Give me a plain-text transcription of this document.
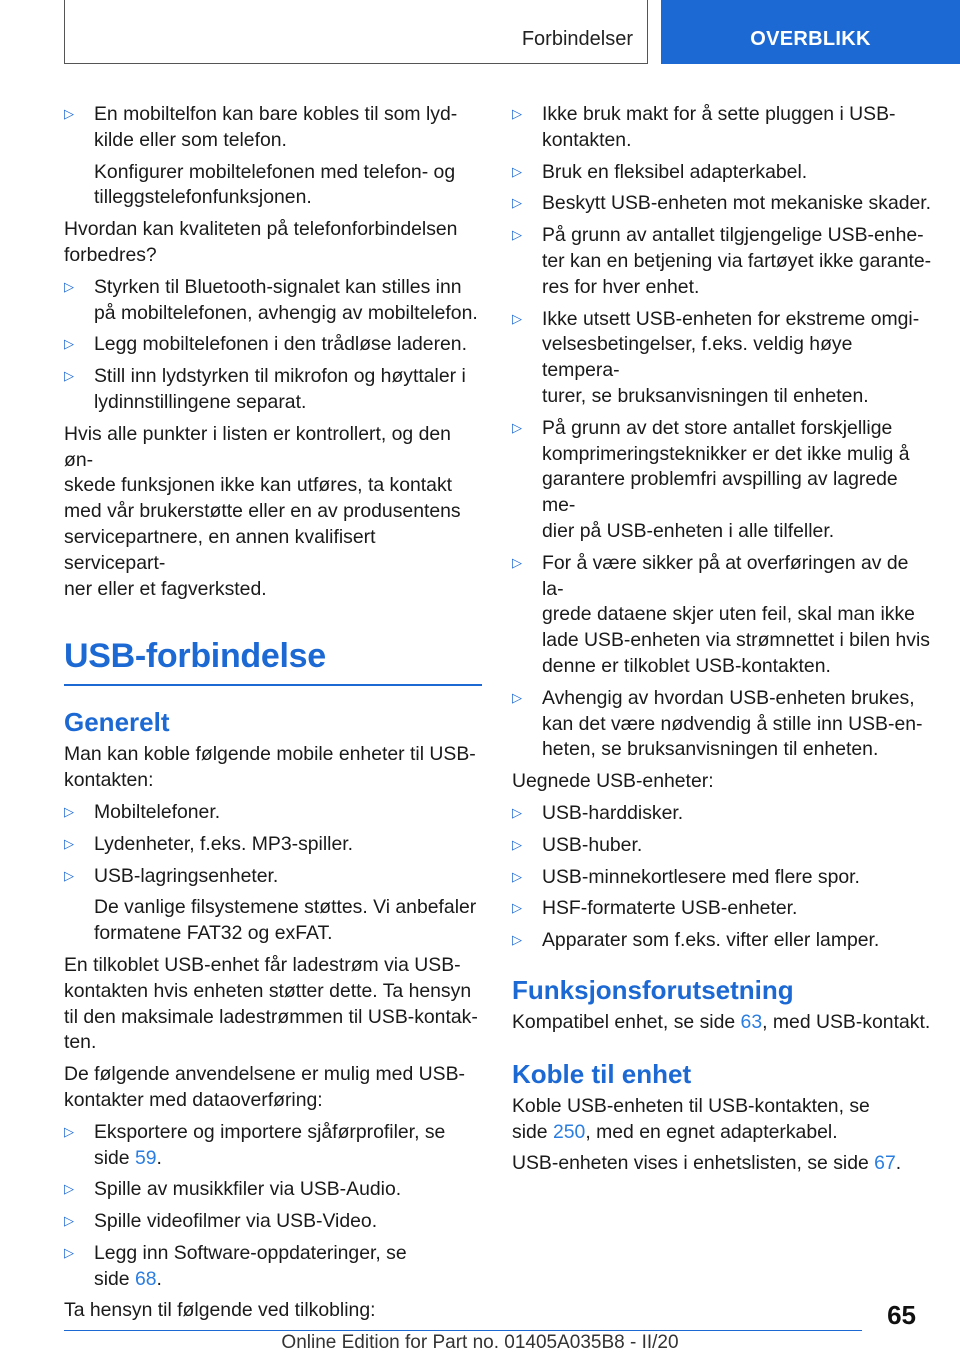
Forbindelser	OVERBLIKK
▷ En mobiltelfon kan bare kobles til som lyd-
kilde eller som telefon.
Konfigurer mobiltelefonen med telefon- og
tilleggstelefonfunksjonen.
Hvordan kan kvaliteten på telefonforbindelsen
forbedres?
▷ Styrken til Bluetooth-signalet kan stilles inn
på mobiltelefonen, avhengig av mobiltelefon.
▷ Legg mobiltelefonen i den trådløse laderen.
▷ Still inn lydstyrken til mikrofon og høyttaler i
lydinnstillingene separat.
Hvis alle punkter i listen er kontrollert, og den øn-
skede funksjonen ikke kan utføres, ta kontakt
med vår brukerstøtte eller en av produsentens
servicepartnere, en annen kvalifisert servicepart-
ner eller et fagverksted.
USB-forbindelse
Generelt
Man kan koble følgende mobile enheter til USB-
kontakten:
▷ Mobiltelefoner.
▷ Lydenheter, f.eks. MP3-spiller.
▷ USB-lagringsenheter.
De vanlige filsystemene støttes. Vi anbefaler
formatene FAT32 og exFAT.
En tilkoblet USB-enhet får ladestrøm via USB-
kontakten hvis enheten støtter dette. Ta hensyn
til den maksimale ladestrømmen til USB-kontak-
ten.
De følgende anvendelsene er mulig med USB-
kontakter med dataoverføring:
▷ Eksportere og importere sjåførprofiler, se
side 59.
▷ Spille av musikkfiler via USB-Audio.
▷ Spille videofilmer via USB-Video.
▷ Legg inn Software-oppdateringer, se
side 68.
Ta hensyn til følgende ved tilkobling:
▷ Ikke bruk makt for å sette pluggen i USB-
kontakten.
▷ Bruk en fleksibel adapterkabel.
▷ Beskytt USB-enheten mot mekaniske skader.
▷ På grunn av antallet tilgjengelige USB-enhe-
ter kan en betjening via fartøyet ikke garante-
res for hver enhet.
▷ Ikke utsett USB-enheten for ekstreme omgi-
velsesbetingelser, f.eks. veldig høye tempera-
turer, se bruksanvisningen til enheten.
▷ På grunn av det store antallet forskjellige
komprimeringsteknikker er det ikke mulig å
garantere problemfri avspilling av lagrede me-
dier på USB-enheten i alle tilfeller.
▷ For å være sikker på at overføringen av de la-
grede dataene skjer uten feil, skal man ikke
lade USB-enheten via strømnettet i bilen hvis
denne er tilkoblet USB-kontakten.
▷ Avhengig av hvordan USB-enheten brukes,
kan det være nødvendig å stille inn USB-en-
heten, se bruksanvisningen til enheten.
Uegnede USB-enheter:
▷ USB-harddisker.
▷ USB-huber.
▷ USB-minnekortlesere med flere spor.
▷ HSF-formaterte USB-enheter.
▷ Apparater som f.eks. vifter eller lamper.
Funksjonsforutsetning
Kompatibel enhet, se side 63, med USB-kontakt.
Koble til enhet
Koble USB-enheten til USB-kontakten, se
side 250, med en egnet adapterkabel.
USB-enheten vises i enhetslisten, se side 67.
65
Online Edition for Part no. 01405A035B8 - II/20
